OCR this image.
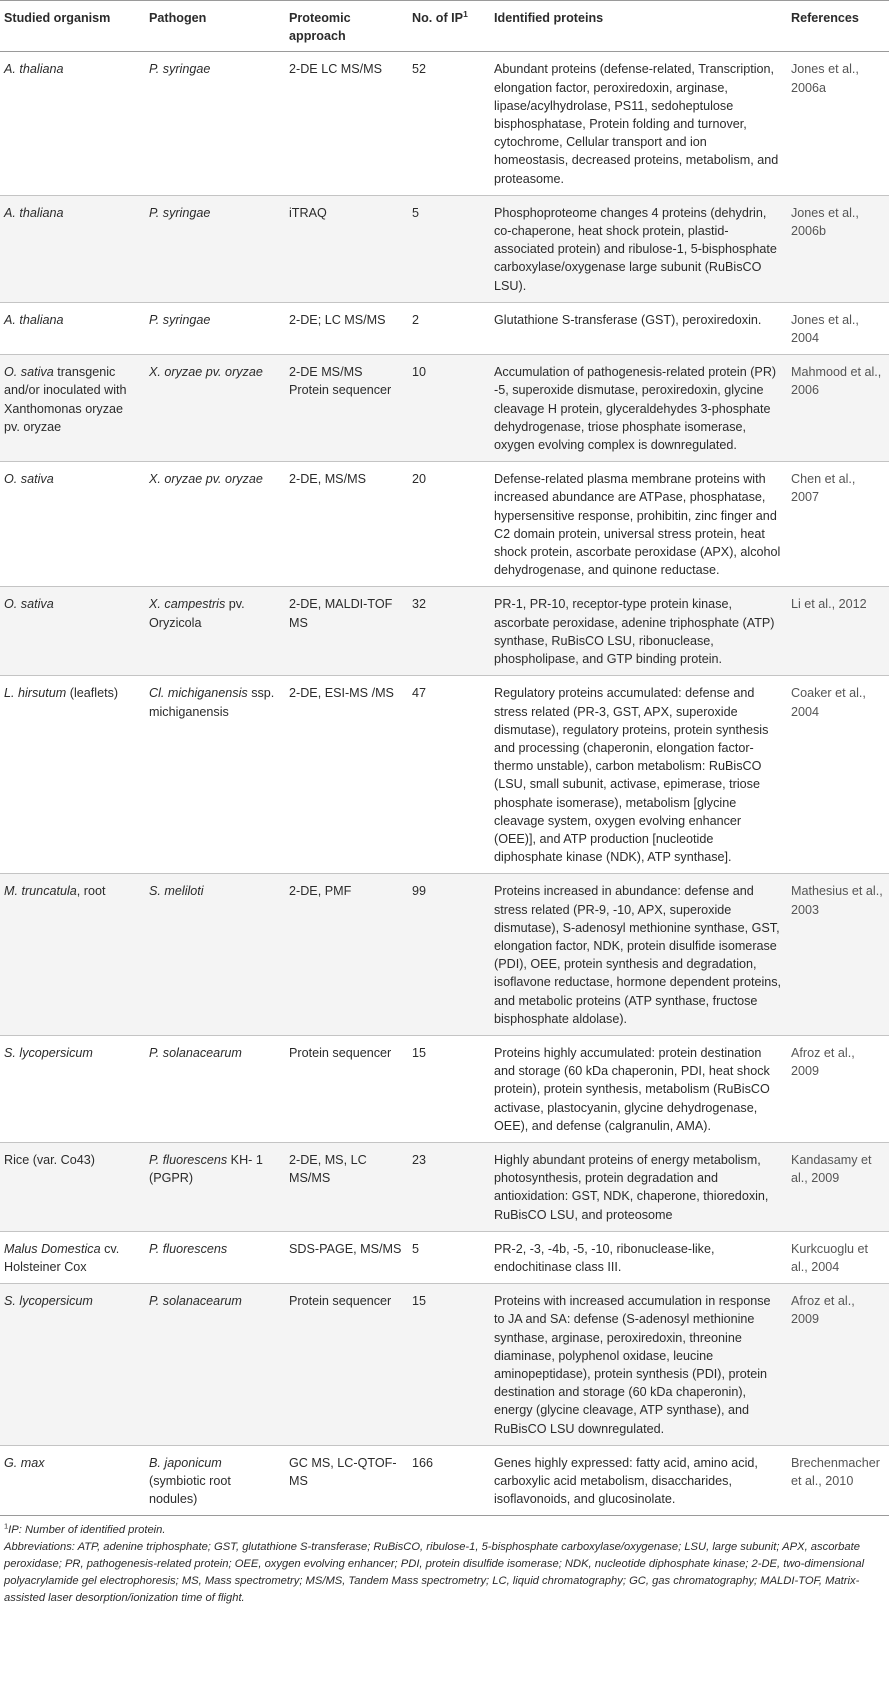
Studied organism	Pathogen	Proteomic approach	No. of $IP^1$	Identified proteins	References
A. thaliana	P. syringae	2-DE LC MS/MS	52	Abundant proteins (defense-related, Transcription, elongation factor, peroxiredoxin, arginase, lipase/acylhydrolase, PS11, sedoheptulose bisphosphatase, Protein folding and turnover, cytochrome, Cellular transport and ion homeostasis, decreased proteins, metabolism, and proteasome.	Jones et al., 2006a
A. thaliana	P. syringae	iTRAQ	5	Phosphoproteome changes 4 proteins (dehydrin, co-chaperone, heat shock protein, plastid-associated protein) and ribulose-1, 5-bisphosphate carboxylase/oxygenase large subunit (RuBisCO LSU).	Jones et al., 2006b
A. thaliana	P. syringae	2-DE; LC MS/MS	2	Glutathione S-transferase (GST), peroxiredoxin.	Jones et al., 2004
O. sativa transgenic and/or inoculated with Xanthomonas oryzae pv. oryzae	X. oryzae pv. oryzae	2-DE MS/MS Protein sequencer	10	Accumulation of pathogenesis-related protein (PR) -5, superoxide dismutase, peroxiredoxin, glycine cleavage H protein, glyceraldehydes 3-phosphate dehydrogenase, triose phosphate isomerase, oxygen evolving complex is downregulated.	Mahmood et al., 2006
O. sativa	X. oryzae pv. oryzae	2-DE, MS/MS	20	Defense-related plasma membrane proteins with increased abundance are ATPase, phosphatase, hypersensitive response, prohibitin, zinc finger and C2 domain protein, universal stress protein, heat shock protein, ascorbate peroxidase (APX), alcohol dehydrogenase, and quinone reductase.	Chen et al., 2007
O. sativa	X. campestris pv. Oryzicola	2-DE, MALDI-TOF MS	32	PR-1, PR-10, receptor-type protein kinase, ascorbate peroxidase, adenine triphosphate (ATP) synthase, RuBisCO LSU, ribonuclease, phospholipase, and GTP binding protein.	Li et al., 2012
L. hirsutum (leaflets)	Cl. michiganensis ssp. michiganensis	2-DE, ESI-MS /MS	47	Regulatory proteins accumulated: defense and stress related (PR-3, GST, APX, superoxide dismutase), regulatory proteins, protein synthesis and processing (chaperonin, elongation factor-thermo unstable), carbon metabolism: RuBisCO (LSU, small subunit, activase, epimerase, triose phosphate isomerase), metabolism [glycine cleavage system, oxygen evolving enhancer (OEE)], and ATP production [nucleotide diphosphate kinase (NDK), ATP synthase].	Coaker et al., 2004
M. truncatula, root	S. meliloti	2-DE, PMF	99	Proteins increased in abundance: defense and stress related (PR-9, -10, APX, superoxide dismutase), S-adenosyl methionine synthase, GST, elongation factor, NDK, protein disulfide isomerase (PDI), OEE, protein synthesis and degradation, isoflavone reductase, hormone dependent proteins, and metabolic proteins (ATP synthase, fructose bisphosphate aldolase).	Mathesius et al., 2003
S. lycopersicum	P. solanacearum	Protein sequencer	15	Proteins highly accumulated: protein destination and storage (60 kDa chaperonin, PDI, heat shock protein), protein synthesis, metabolism (RuBisCO activase, plastocyanin, glycine dehydrogenase, OEE), and defense (calgranulin, AMA).	Afroz et al., 2009
Rice (var. Co43)	P. fluorescens KH- 1 (PGPR)	2-DE, MS, LC MS/MS	23	Highly abundant proteins of energy metabolism, photosynthesis, protein degradation and antioxidation: GST, NDK, chaperone, thioredoxin, RuBisCO LSU, and proteosome	Kandasamy et al., 2009
Malus Domestica cv. Holsteiner Cox	P. fluorescens	SDS-PAGE, MS/MS	5	PR-2, -3, -4b, -5, -10, ribonuclease-like, endochitinase class III.	Kurkcuoglu et al., 2004
S. lycopersicum	P. solanacearum	Protein sequencer	15	Proteins with increased accumulation in response to JA and SA: defense (S-adenosyl methionine synthase, arginase, peroxiredoxin, threonine diaminase, polyphenol oxidase, leucine aminopeptidase), protein synthesis (PDI), protein destination and storage (60 kDa chaperonin), energy (glycine cleavage, ATP synthase), and RuBisCO LSU downregulated.	Afroz et al., 2009
G. max	B. japonicum (symbiotic root nodules)	GC MS, LC-QTOF-MS	166	Genes highly expressed: fatty acid, amino acid, carboxylic acid metabolism, disaccharides, isoflavonoids, and glucosinolate.	Brechenmacher et al., 2010
$^1$IP: Number of identified protein.
Abbreviations: ATP, adenine triphosphate; GST, glutathione S-transferase; RuBisCO, ribulose-1, 5-bisphosphate carboxylase/oxygenase; LSU, large subunit; APX, ascorbate peroxidase; PR, pathogenesis-related protein; OEE, oxygen evolving enhancer; PDI, protein disulfide isomerase; NDK, nucleotide diphosphate kinase; 2-DE, two-dimensional polyacrylamide gel electrophoresis; MS, Mass spectrometry; MS/MS, Tandem Mass spectrometry; LC, liquid chromatography; GC, gas chromatography; MALDI-TOF, Matrix-assisted laser desorption/ionization time of flight.
